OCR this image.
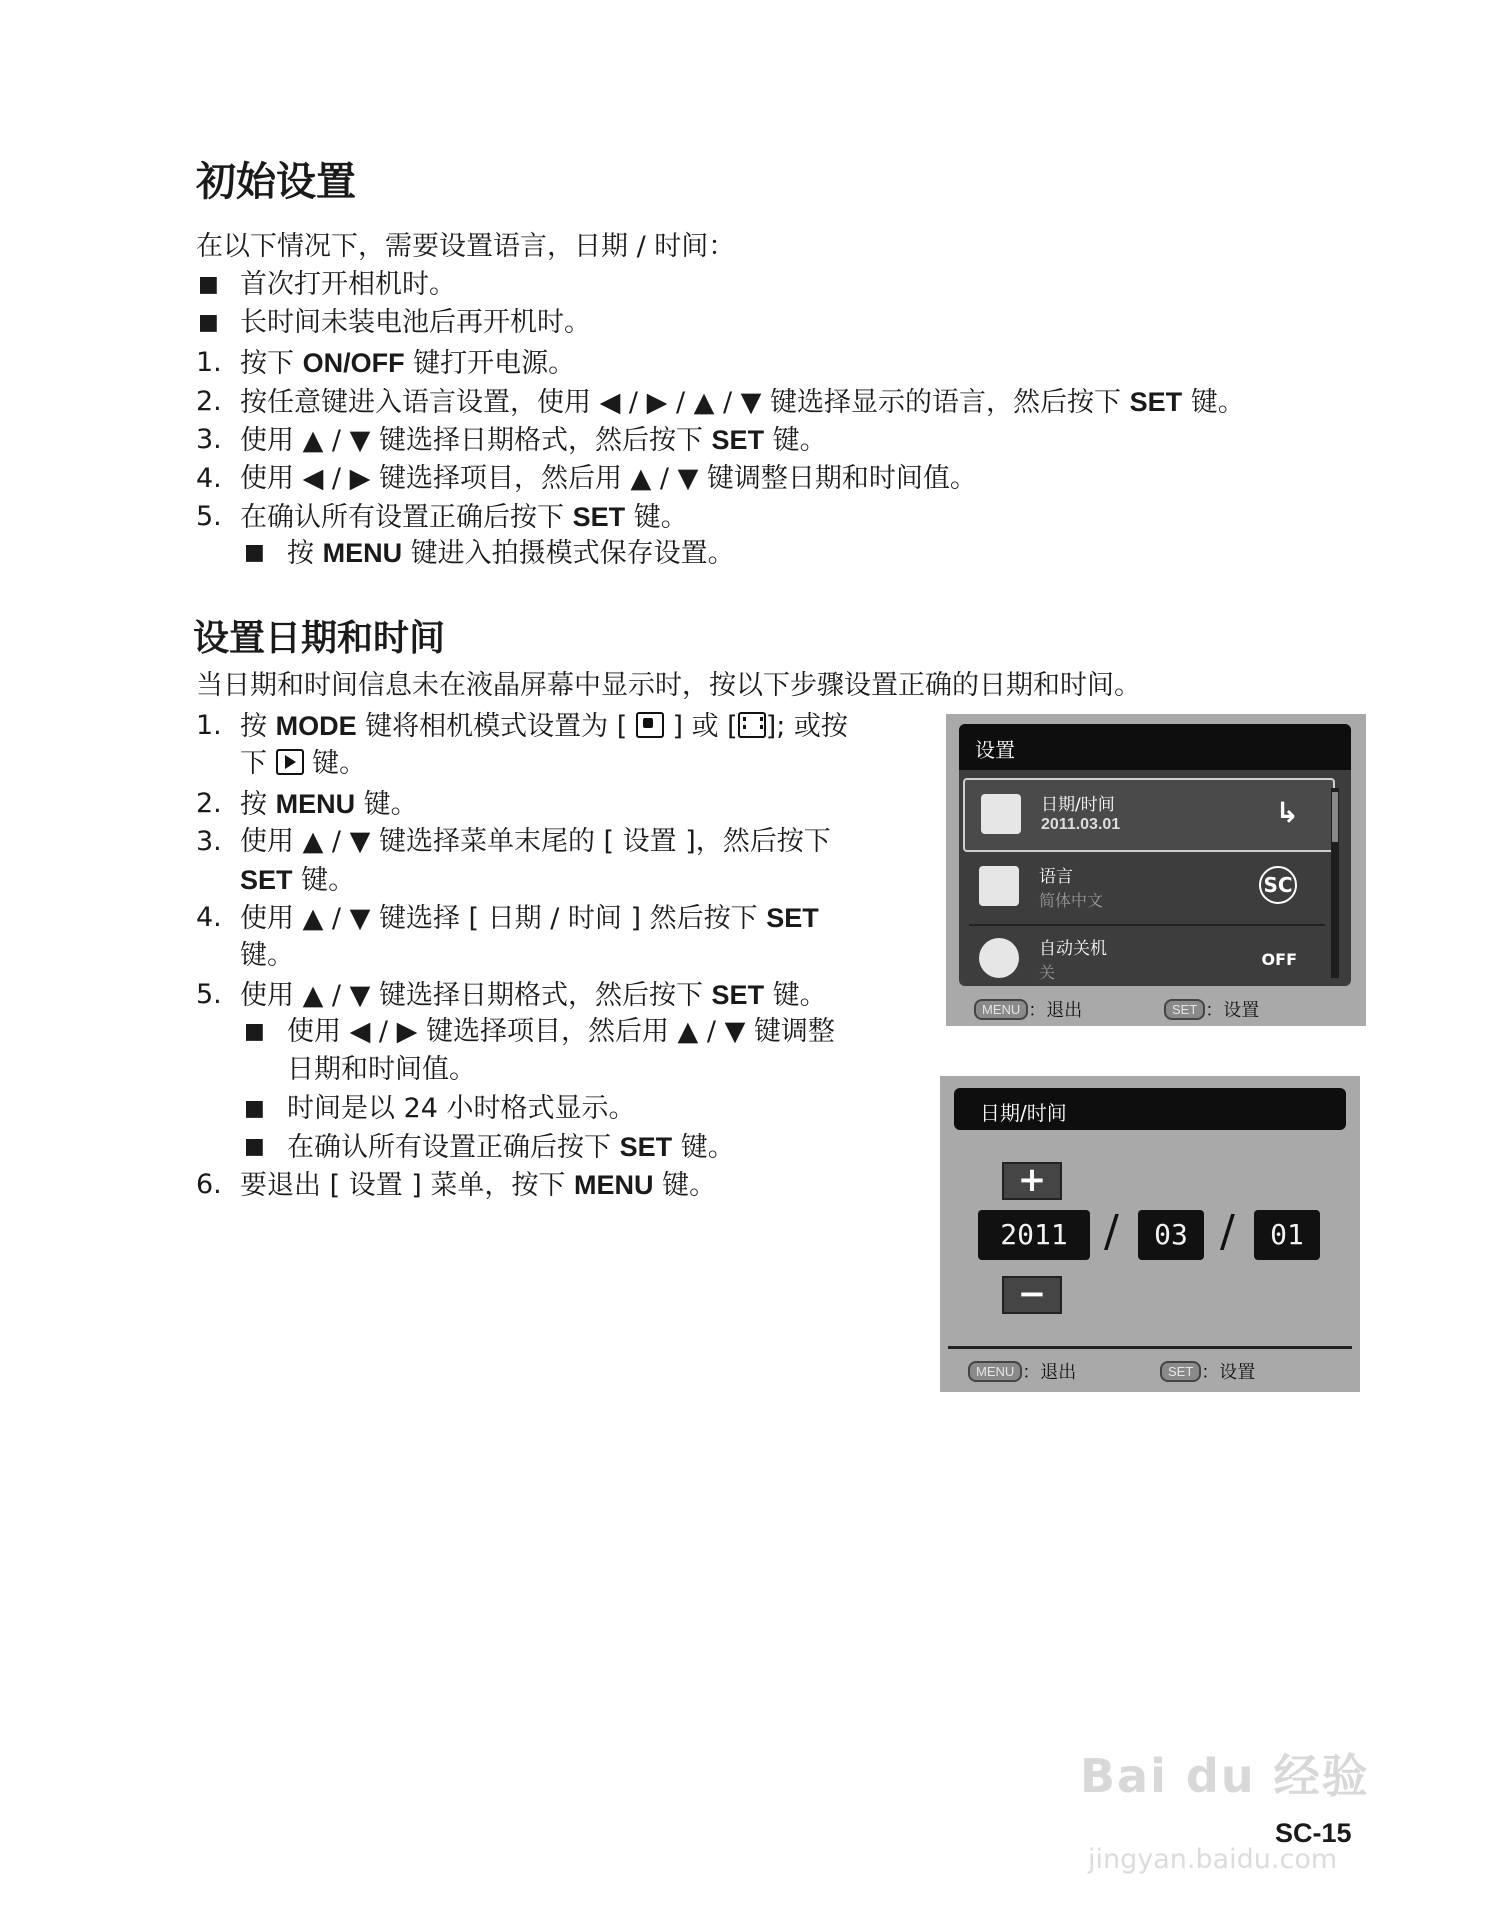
初始设置
在以下情况下，需要设置语言，日期 / 时间：
■ 首次打开相机时。
■ 长时间未装电池后再开机时。
1. 按下 ON/OFF 键打开电源。
2. 按任意键进入语言设置，使用 ◀ / ▶ / ▲ / ▼ 键选择显示的语言，然后按下 SET 键。
3. 使用 ▲ / ▼ 键选择日期格式，然后按下 SET 键。
4. 使用 ◀ / ▶ 键选择项目，然后用 ▲ / ▼ 键调整日期和时间值。
5. 在确认所有设置正确后按下 SET 键。
■ 按 MENU 键进入拍摄模式保存设置。
设置日期和时间
当日期和时间信息未在液晶屏幕中显示时，按以下步骤设置正确的日期和时间。
1. 按 MODE 键将相机模式设置为 [ ] 或 [ ]; 或按
下  键。
2. 按 MENU 键。
3. 使用 ▲ / ▼ 键选择菜单末尾的 [ 设置 ]，然后按下
SET 键。
4. 使用 ▲ / ▼ 键选择 [ 日期 / 时间 ] 然后按下 SET
键。
5. 使用 ▲ / ▼ 键选择日期格式，然后按下 SET 键。
■ 使用 ◀ / ▶ 键选择项目，然后用 ▲ / ▼ 键调整
日期和时间值。
■ 时间是以 24 小时格式显示。
■ 在确认所有设置正确后按下 SET 键。
6. 要退出 [ 设置 ] 菜单，按下 MENU 键。
设置
日期/时间
2011.03.01	↳
语言
简体中文
SC
自动关机
关
OFF
MENU ：退出	SET ：设置
日期/时间
+
2011 /	03 /	01
−
MENU ：退出	SET ：设置
Bai du 经验
SC-15
jingyan.baidu.com
